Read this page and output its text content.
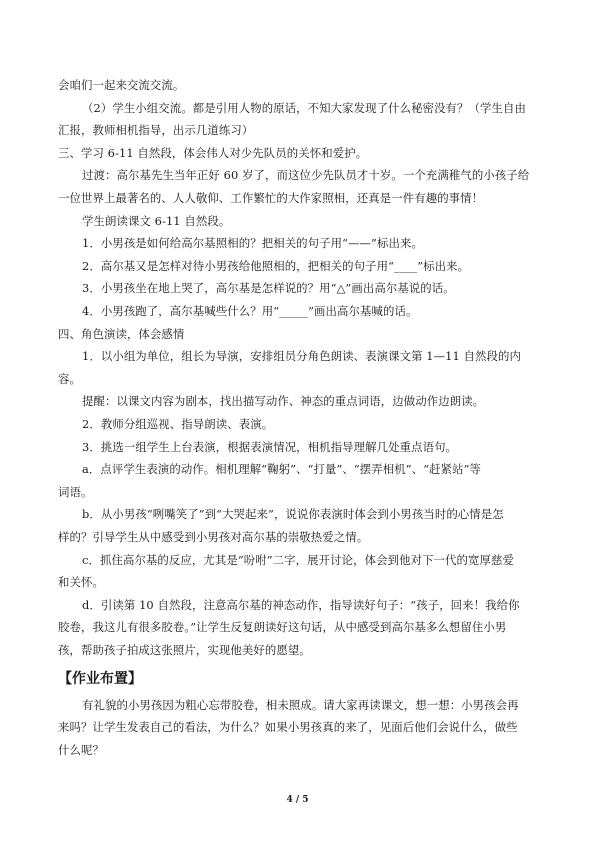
会咱们一起来交流交流。
（2）学生小组交流。都是引用人物的原话，不知大家发现了什么秘密没有？（学生自由
汇报，教师相机指导，出示几道练习）
三、学习 6-11 自然段，体会伟人对少先队员的关怀和爱护。
过渡：高尔基先生当年正好 60 岁了，而这位少先队员才十岁。一个充满稚气的小孩子给
一位世界上最著名的、人人敬仰、工作繁忙的大作家照相，还真是一件有趣的事情！
学生朗读课文 6-11 自然段。
1．小男孩是如何给高尔基照相的？把相关的句子用“——”标出来。
2．高尔基又是怎样对待小男孩给他照相的，把相关的句子用“____”标出来。
3．小男孩坐在地上哭了，高尔基是怎样说的？用“△”画出高尔基说的话。
4．小男孩跑了，高尔基喊些什么？用“_____”画出高尔基喊的话。
四、角色演读，体会感情
1．以小组为单位，组长为导演，安排组员分角色朗读、表演课文第 1—11 自然段的内
容。
提醒：以课文内容为剧本，找出描写动作、神态的重点词语，边做动作边朗读。
2．教师分组巡视、指导朗读、表演。
3．挑选一组学生上台表演，根据表演情况，相机指导理解几处重点语句。
a．点评学生表演的动作。相机理解“鞠躬”、“打量”、“摆弄相机”、“赶紧站”等
词语。
b．从小男孩“咧嘴笑了”到“大哭起来”，说说你表演时体会到小男孩当时的心情是怎
样的？引导学生从中感受到小男孩对高尔基的崇敬热爱之情。
c．抓住高尔基的反应，尤其是“吩咐”二字，展开讨论，体会到他对下一代的宽厚慈爱
和关怀。
d．引读第 10 自然段，注意高尔基的神态动作，指导读好句子：“孩子，回来！我给你
胶卷，我这儿有很多胶卷。”让学生反复朗读好这句话，从中感受到高尔基多么想留住小男
孩，帮助孩子拍成这张照片，实现他美好的愿望。
【作业布置】
有礼貌的小男孩因为粗心忘带胶卷，相未照成。请大家再读课文，想一想：小男孩会再
来吗？让学生发表自己的看法，为什么？如果小男孩真的来了，见面后他们会说什么，做些
什么呢？
4 / 5
